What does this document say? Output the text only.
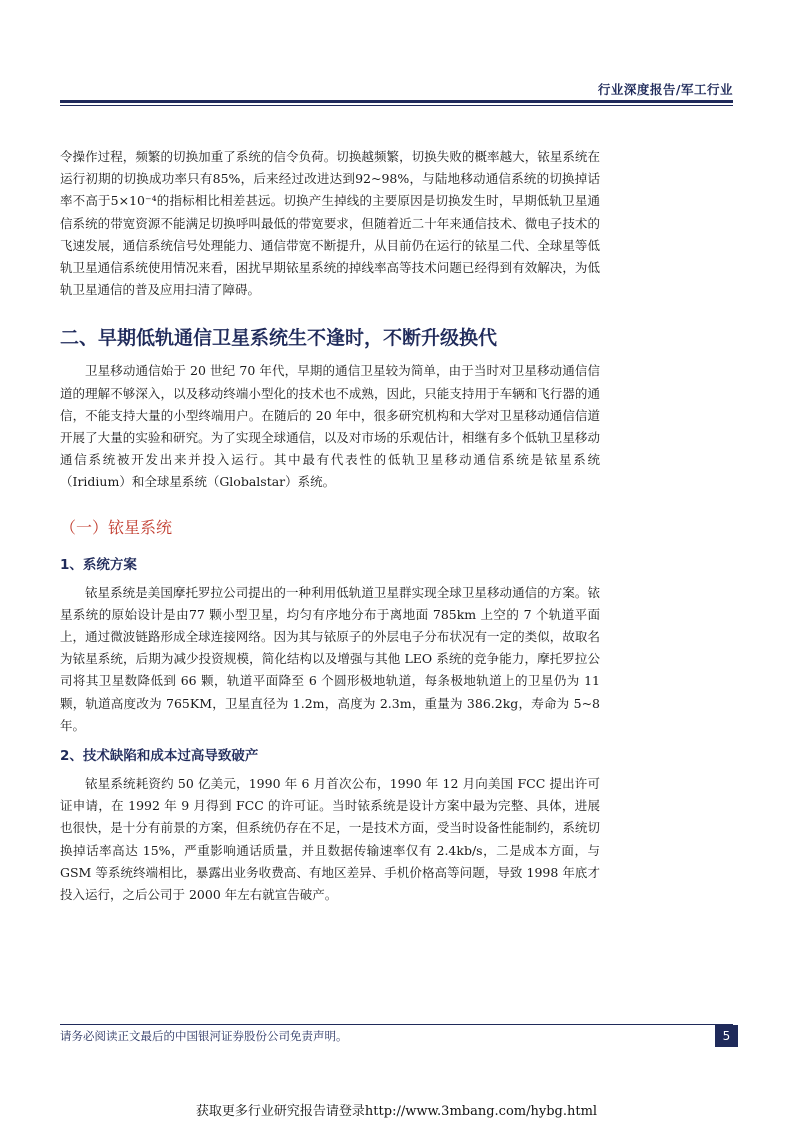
行业深度报告/军工行业

令操作过程，频繁的切换加重了系统的信令负荷。切换越频繁，切换失败的概率越大，铱星系统在运行初期的切换成功率只有85%，后来经过改进达到92~98%，与陆地移动通信系统的切换掉话率不高于5×10⁻⁴的指标相比相差甚远。切换产生掉线的主要原因是切换发生时，早期低轨卫星通信系统的带宽资源不能满足切换呼叫最低的带宽要求，但随着近二十年来通信技术、微电子技术的飞速发展，通信系统信号处理能力、通信带宽不断提升，从目前仍在运行的铱星二代、全球星等低轨卫星通信系统使用情况来看，困扰早期铱星系统的掉线率高等技术问题已经得到有效解决，为低轨卫星通信的普及应用扫清了障碍。

二、早期低轨通信卫星系统生不逢时，不断升级换代

卫星移动通信始于 20 世纪 70 年代，早期的通信卫星较为简单，由于当时对卫星移动通信信道的理解不够深入，以及移动终端小型化的技术也不成熟，因此，只能支持用于车辆和飞行器的通信，不能支持大量的小型终端用户。在随后的 20 年中，很多研究机构和大学对卫星移动通信信道开展了大量的实验和研究。为了实现全球通信，以及对市场的乐观估计，相继有多个低轨卫星移动通信系统被开发出来并投入运行。其中最有代表性的低轨卫星移动通信系统是铱星系统（Iridium）和全球星系统（Globalstar）系统。

（一）铱星系统
1、系统方案

铱星系统是美国摩托罗拉公司提出的一种利用低轨道卫星群实现全球卫星移动通信的方案。铱星系统的原始设计是由77 颗小型卫星，均匀有序地分布于离地面 785km 上空的 7 个轨道平面上，通过微波链路形成全球连接网络。因为其与铱原子的外层电子分布状况有一定的类似，故取名为铱星系统，后期为减少投资规模，简化结构以及增强与其他 LEO 系统的竞争能力，摩托罗拉公司将其卫星数降低到 66 颗，轨道平面降至 6 个圆形极地轨道，每条极地轨道上的卫星仍为 11 颗，轨道高度改为 765KM，卫星直径为 1.2m，高度为 2.3m，重量为 386.2kg，寿命为 5~8 年。

2、技术缺陷和成本过高导致破产

铱星系统耗资约 50 亿美元，1990 年 6 月首次公布，1990 年 12 月向美国 FCC 提出许可证申请，在 1992 年 9 月得到 FCC 的许可证。当时铱系统是设计方案中最为完整、具体，进展也很快，是十分有前景的方案，但系统仍存在不足，一是技术方面，受当时设备性能制约，系统切换掉话率高达 15%，严重影响通话质量，并且数据传输速率仅有 2.4kb/s，二是成本方面，与 GSM 等系统终端相比，暴露出业务收费高、有地区差异、手机价格高等问题，导致 1998 年底才投入运行，之后公司于 2000 年左右就宣告破产。

请务必阅读正文最后的中国银河证券股份公司免责声明。	5
获取更多行业研究报告请登录http://www.3mbang.com/hybg.html
